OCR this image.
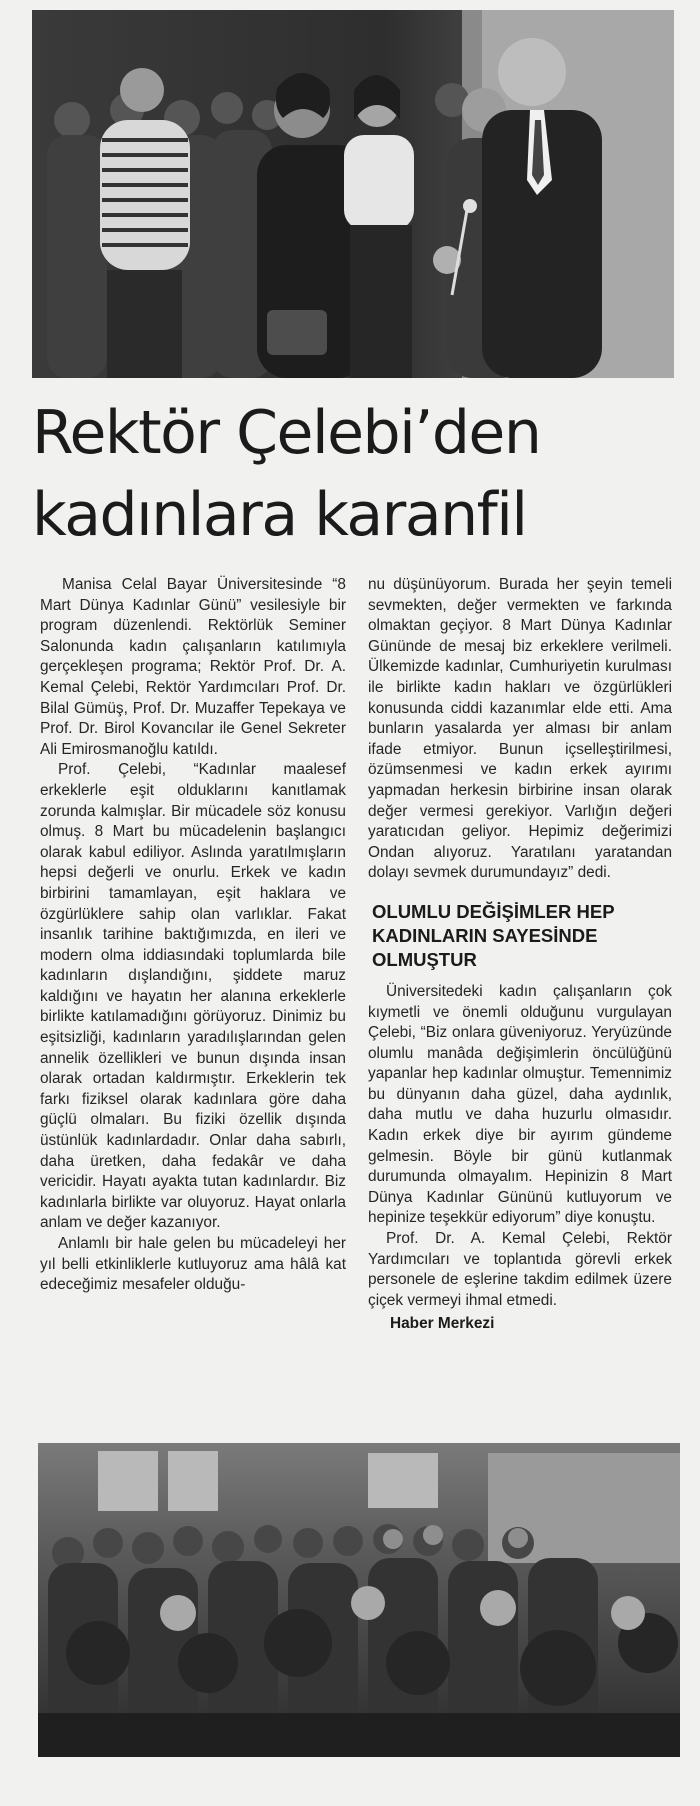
Rektör Çelebi’den
kadınlara karanfil

Manisa Celal Bayar Üniversitesinde “8 Mart Dünya Kadınlar Günü” vesilesiyle bir program düzenlendi. Rektörlük Seminer Salonunda kadın çalışanların katılımıyla gerçekleşen programa; Rektör Prof. Dr. A. Kemal Çelebi, Rektör Yardımcıları Prof. Dr. Bilal Gümüş, Prof. Dr. Muzaffer Tepekaya ve Prof. Dr. Birol Kovancılar ile Genel Sekreter Ali Emirosmanoğlu katıldı.

Prof. Çelebi, “Kadınlar maalesef erkeklerle eşit olduklarını kanıtlamak zorunda kalmışlar. Bir mücadele söz konusu olmuş. 8 Mart bu mücadelenin başlangıcı olarak kabul ediliyor. Aslında yaratılmışların hepsi değerli ve onurlu. Erkek ve kadın birbirini tamamlayan, eşit haklara ve özgürlüklere sahip olan varlıklar. Fakat insanlık tarihine baktığımızda, en ileri ve modern olma iddiasındaki toplumlarda bile kadınların dışlandığını, şiddete maruz kaldığını ve hayatın her alanına erkeklerle birlikte katılamadığını görüyoruz. Dinimiz bu eşitsizliği, kadınların yaradılışlarından gelen annelik özellikleri ve bunun dışında insan olarak ortadan kaldırmıştır. Erkeklerin tek farkı fiziksel olarak kadınlara göre daha güçlü olmaları. Bu fiziki özellik dışında üstünlük kadınlardadır. Onlar daha sabırlı, daha üretken, daha fedakâr ve daha vericidir. Hayatı ayakta tutan kadınlardır. Biz kadınlarla birlikte var oluyoruz. Hayat onlarla anlam ve değer kazanıyor.

Anlamlı bir hale gelen bu mücadeleyi her yıl belli etkinliklerle kutluyoruz ama hâlâ kat edeceğimiz mesafeler olduğu-

nu düşünüyorum. Burada her şeyin temeli sevmekten, değer vermekten ve farkında olmaktan geçiyor. 8 Mart Dünya Kadınlar Gününde de mesaj biz erkeklere verilmeli. Ülkemizde kadınlar, Cumhuriyetin kurulması ile birlikte kadın hakları ve özgürlükleri konusunda ciddi kazanımlar elde etti. Ama bunların yasalarda yer alması bir anlam ifade etmiyor. Bunun içselleştirilmesi, özümsenmesi ve kadın erkek ayırımı yapmadan herkesin birbirine insan olarak değer vermesi gerekiyor. Varlığın değeri yaratıcıdan geliyor. Hepimiz değerimizi Ondan alıyoruz. Yaratılanı yaratandan dolayı sevmek durumundayız” dedi.

OLUMLU DEĞİŞİMLER HEP KADINLARIN SAYESİNDE OLMUŞTUR

Üniversitedeki kadın çalışanların çok kıymetli ve önemli olduğunu vurgulayan Çelebi, “Biz onlara güveniyoruz. Yeryüzünde olumlu manâda değişimlerin öncülüğünü yapanlar hep kadınlar olmuştur. Temennimiz bu dünyanın daha güzel, daha aydınlık, daha mutlu ve daha huzurlu olmasıdır. Kadın erkek diye bir ayırım gündeme gelmesin. Böyle bir günü kutlanmak durumunda olmayalım. Hepinizin 8 Mart Dünya Kadınlar Gününü kutluyorum ve hepinize teşekkür ediyorum” diye konuştu.

Prof. Dr. A. Kemal Çelebi, Rektör Yardımcıları ve toplantıda görevli erkek personele de eşlerine takdim edilmek üzere çiçek vermeyi ihmal etmedi.

Haber Merkezi
